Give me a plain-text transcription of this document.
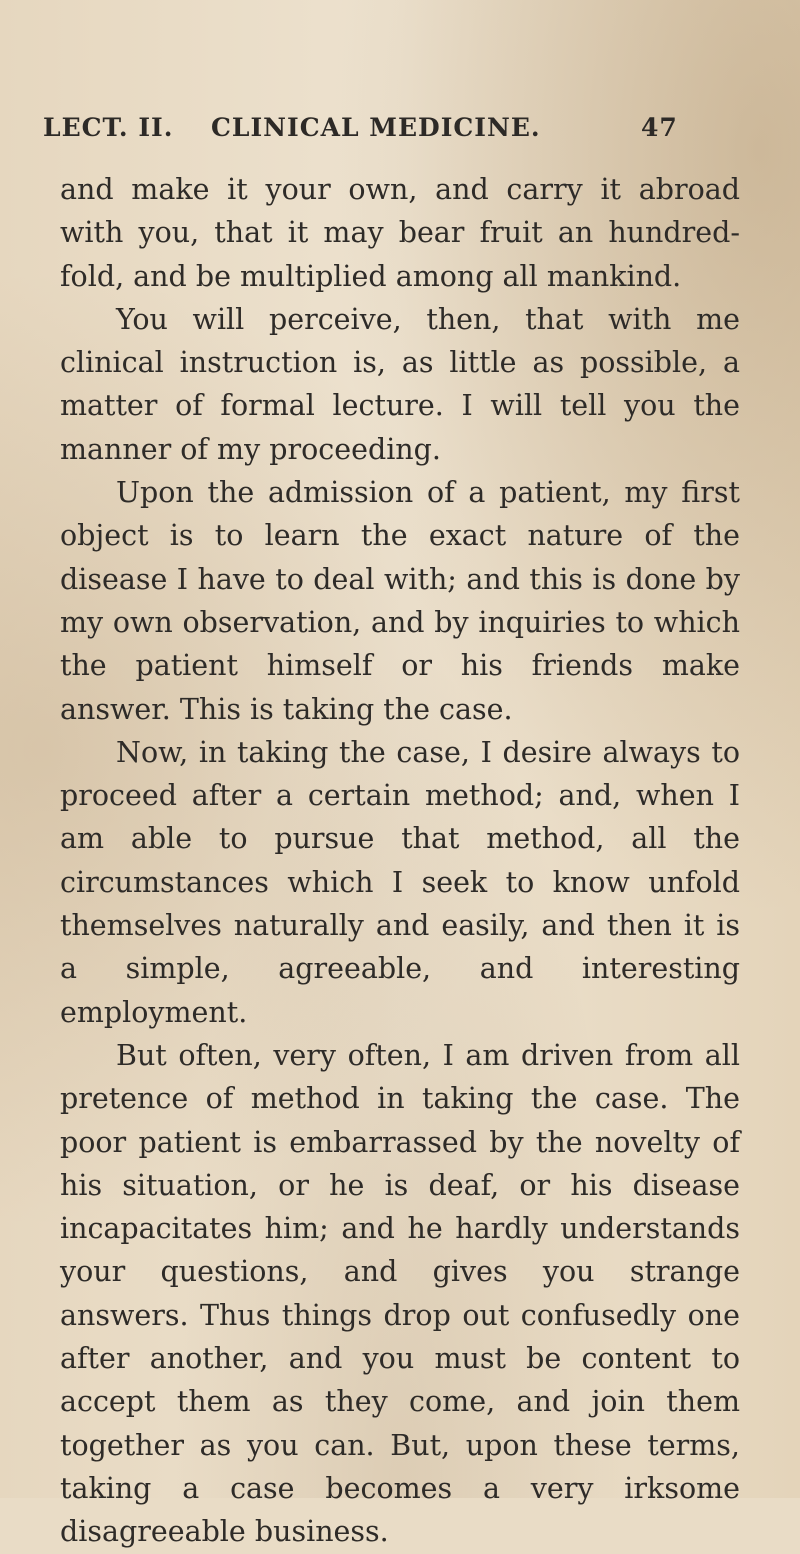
LECT. II. CLINICAL MEDICINE.	47

and make it your own, and carry it abroad with you, that it may bear fruit an hundred-fold, and be multiplied among all mankind.

You will perceive, then, that with me clinical instruction is, as little as possible, a matter of formal lecture. I will tell you the manner of my proceeding.

Upon the admission of a patient, my first object is to learn the exact nature of the disease I have to deal with; and this is done by my own observation, and by inquiries to which the patient himself or his friends make answer. This is taking the case.

Now, in taking the case, I desire always to proceed after a certain method; and, when I am able to pursue that method, all the circumstances which I seek to know unfold themselves naturally and easily, and then it is a simple, agreeable, and interesting employment.

But often, very often, I am driven from all pretence of method in taking the case. The poor patient is embarrassed by the novelty of his situation, or he is deaf, or his disease incapacitates him; and he hardly understands your questions, and gives you strange answers. Thus things drop out confusedly one after another, and you must be content to accept them as they come, and join them together as you can. But, upon these terms, taking a case becomes a very irksome disagreeable business.
